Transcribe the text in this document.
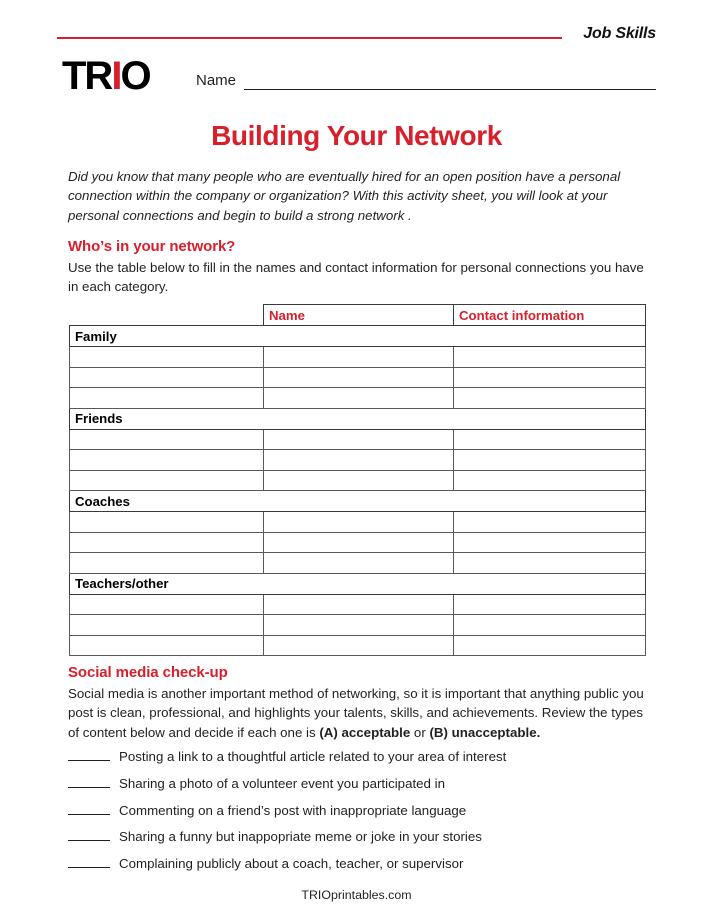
Job Skills
TRIO	Name
Building Your Network
Did you know that many people who are eventually hired for an open position have a personal connection within the company or organization? With this activity sheet, you will look at your personal connections and begin to build a strong network .
Who’s in your network?
Use the table below to fill in the names and contact information for personal connections you have in each category.
	Name	Contact information
Family		

Friends		

Coaches		

Teachers/other		

Social media check-up
Social media is another important method of networking, so it is important that anything public you post is clean, professional, and highlights your talents, skills, and achievements. Review the types of content below and decide if each one is (A) acceptable or (B) unacceptable.
Posting a link to a thoughtful article related to your area of interest
Sharing a photo of a volunteer event you participated in
Commenting on a friend’s post with inappropriate language
Sharing a funny but inappopriate meme or joke in your stories
Complaining publicly about a coach, teacher, or supervisor
TRIOprintables.com
